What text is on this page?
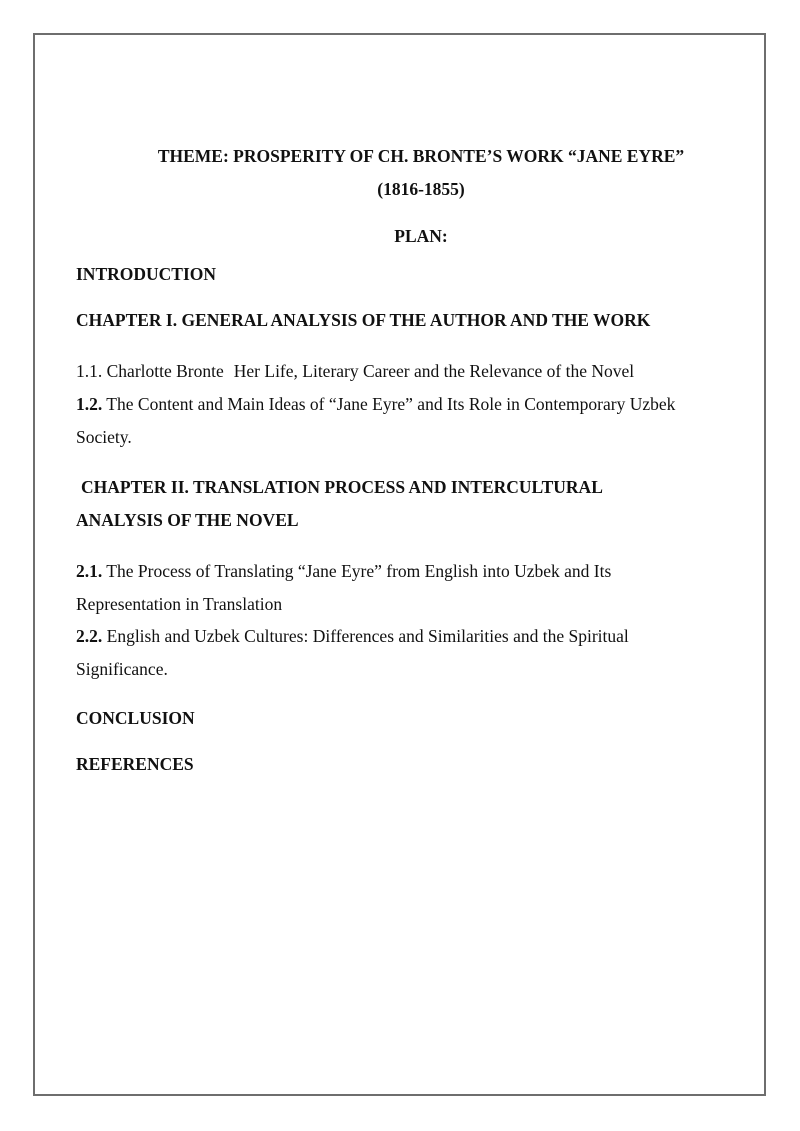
THEME: PROSPERITY OF CH. BRONTE’S WORK “JANE EYRE”
(1816-1855)
PLAN:
INTRODUCTION
CHAPTER I. GENERAL ANALYSIS OF THE AUTHOR AND THE WORK
1.1. Charlotte Bronte Her Life, Literary Career and the Relevance of the Novel
1.2. The Content and Main Ideas of “Jane Eyre” and Its Role in Contemporary Uzbek
Society.
CHAPTER II. TRANSLATION PROCESS AND INTERCULTURAL
ANALYSIS OF THE NOVEL
2.1. The Process of Translating “Jane Eyre” from English into Uzbek and Its
Representation in Translation
2.2. English and Uzbek Cultures: Differences and Similarities and the Spiritual
Significance.
CONCLUSION
REFERENCES
